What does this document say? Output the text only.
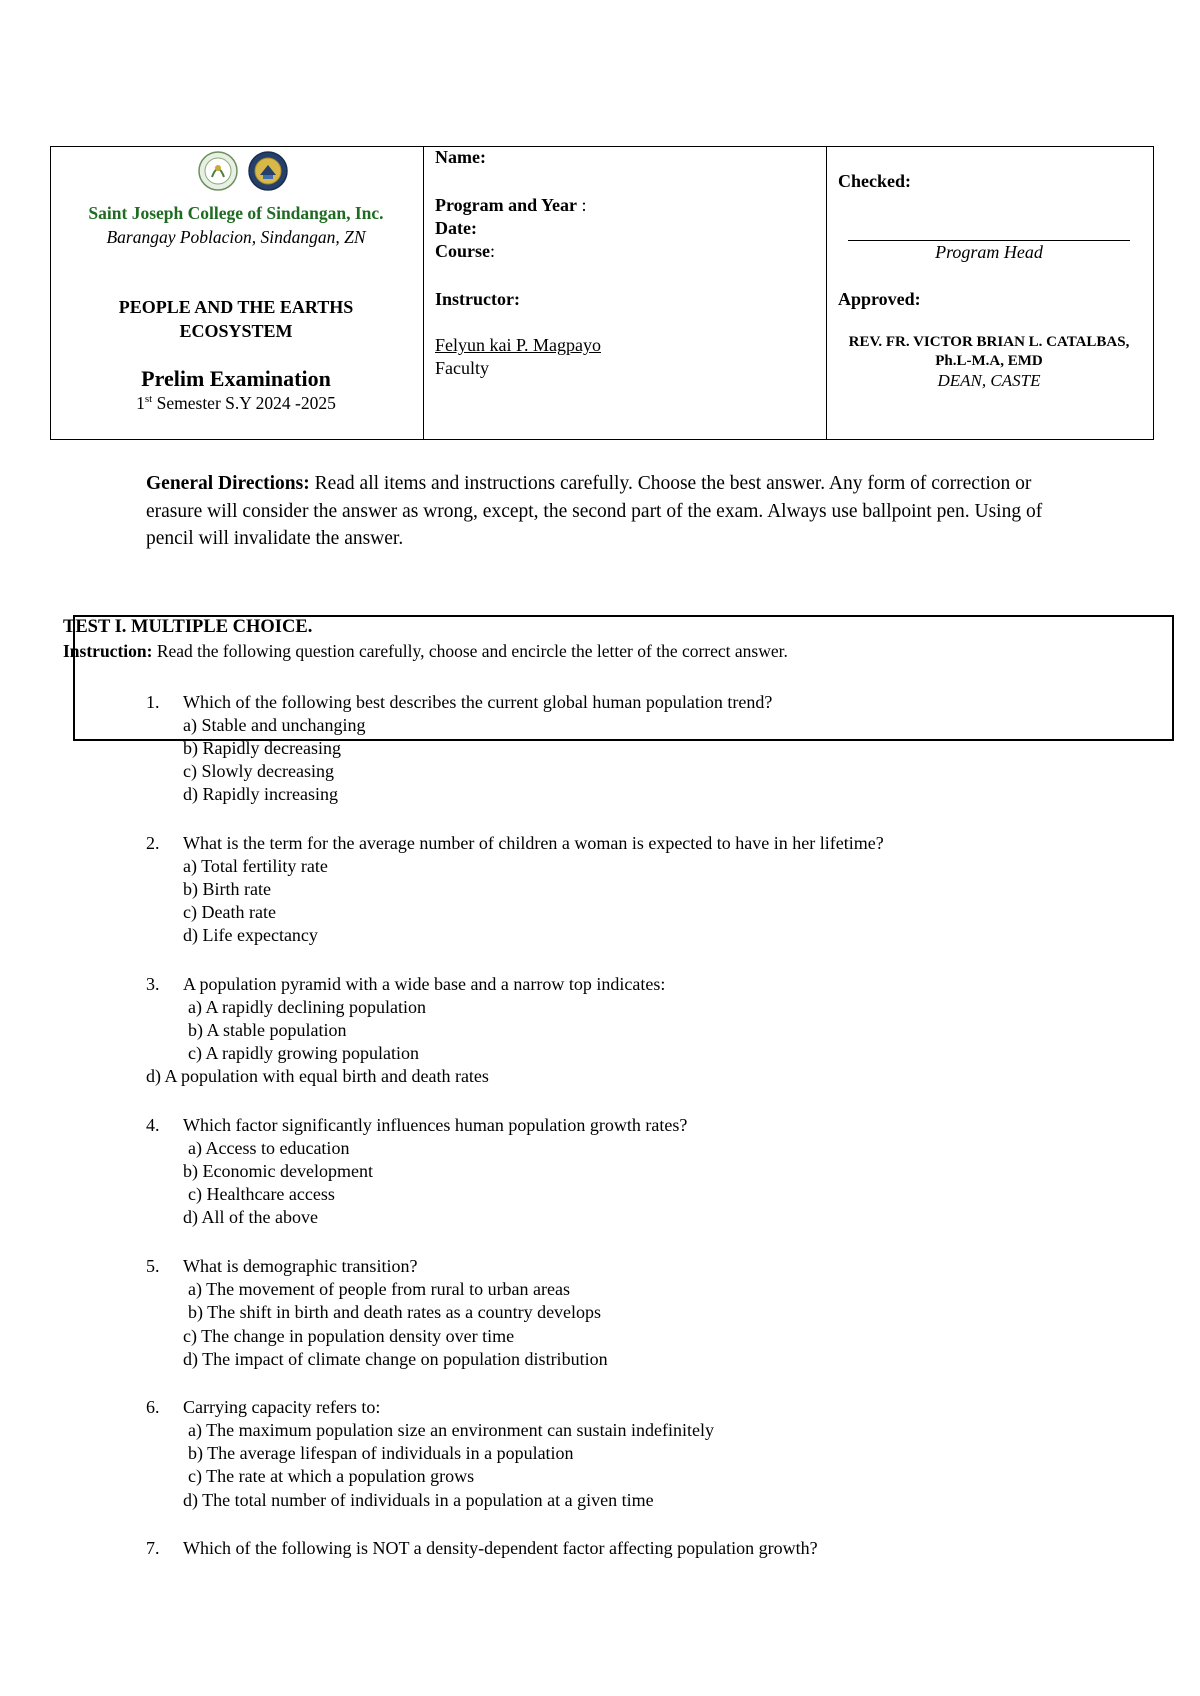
Saint Joseph College of Sindangan, Inc.
Barangay Poblacion, Sindangan, ZN
PEOPLE AND THE EARTHS
ECOSYSTEM
Prelim Examination
1st Semester S.Y 2024 -2025
Name:
Program and Year :
Date:
Course:
Instructor:
Felyun kai P. Magpayo
Faculty
Checked:
Program Head
Approved:
REV. FR. VICTOR BRIAN L. CATALBAS,
Ph.L-M.A, EMD
DEAN, CASTE
General Directions: Read all items and instructions carefully. Choose the best answer. Any form of correction or erasure will consider the answer as wrong, except, the second part of the exam. Always use ballpoint pen. Using of pencil will invalidate the answer.
TEST I. MULTIPLE CHOICE.
Instruction: Read the following question carefully, choose and encircle the letter of the correct answer.
1. Which of the following best describes the current global human population trend?
a) Stable and unchanging
b) Rapidly decreasing
c) Slowly decreasing
d) Rapidly increasing
2. What is the term for the average number of children a woman is expected to have in her lifetime?
a) Total fertility rate
b) Birth rate
c) Death rate
d) Life expectancy
3. A population pyramid with a wide base and a narrow top indicates:
a) A rapidly declining population
b) A stable population
c) A rapidly growing population
d) A population with equal birth and death rates
4. Which factor significantly influences human population growth rates?
a) Access to education
b) Economic development
c) Healthcare access
d) All of the above
5. What is demographic transition?
a) The movement of people from rural to urban areas
b) The shift in birth and death rates as a country develops
c) The change in population density over time
d) The impact of climate change on population distribution
6. Carrying capacity refers to:
a) The maximum population size an environment can sustain indefinitely
b) The average lifespan of individuals in a population
c) The rate at which a population grows
d) The total number of individuals in a population at a given time
7. Which of the following is NOT a density-dependent factor affecting population growth?
